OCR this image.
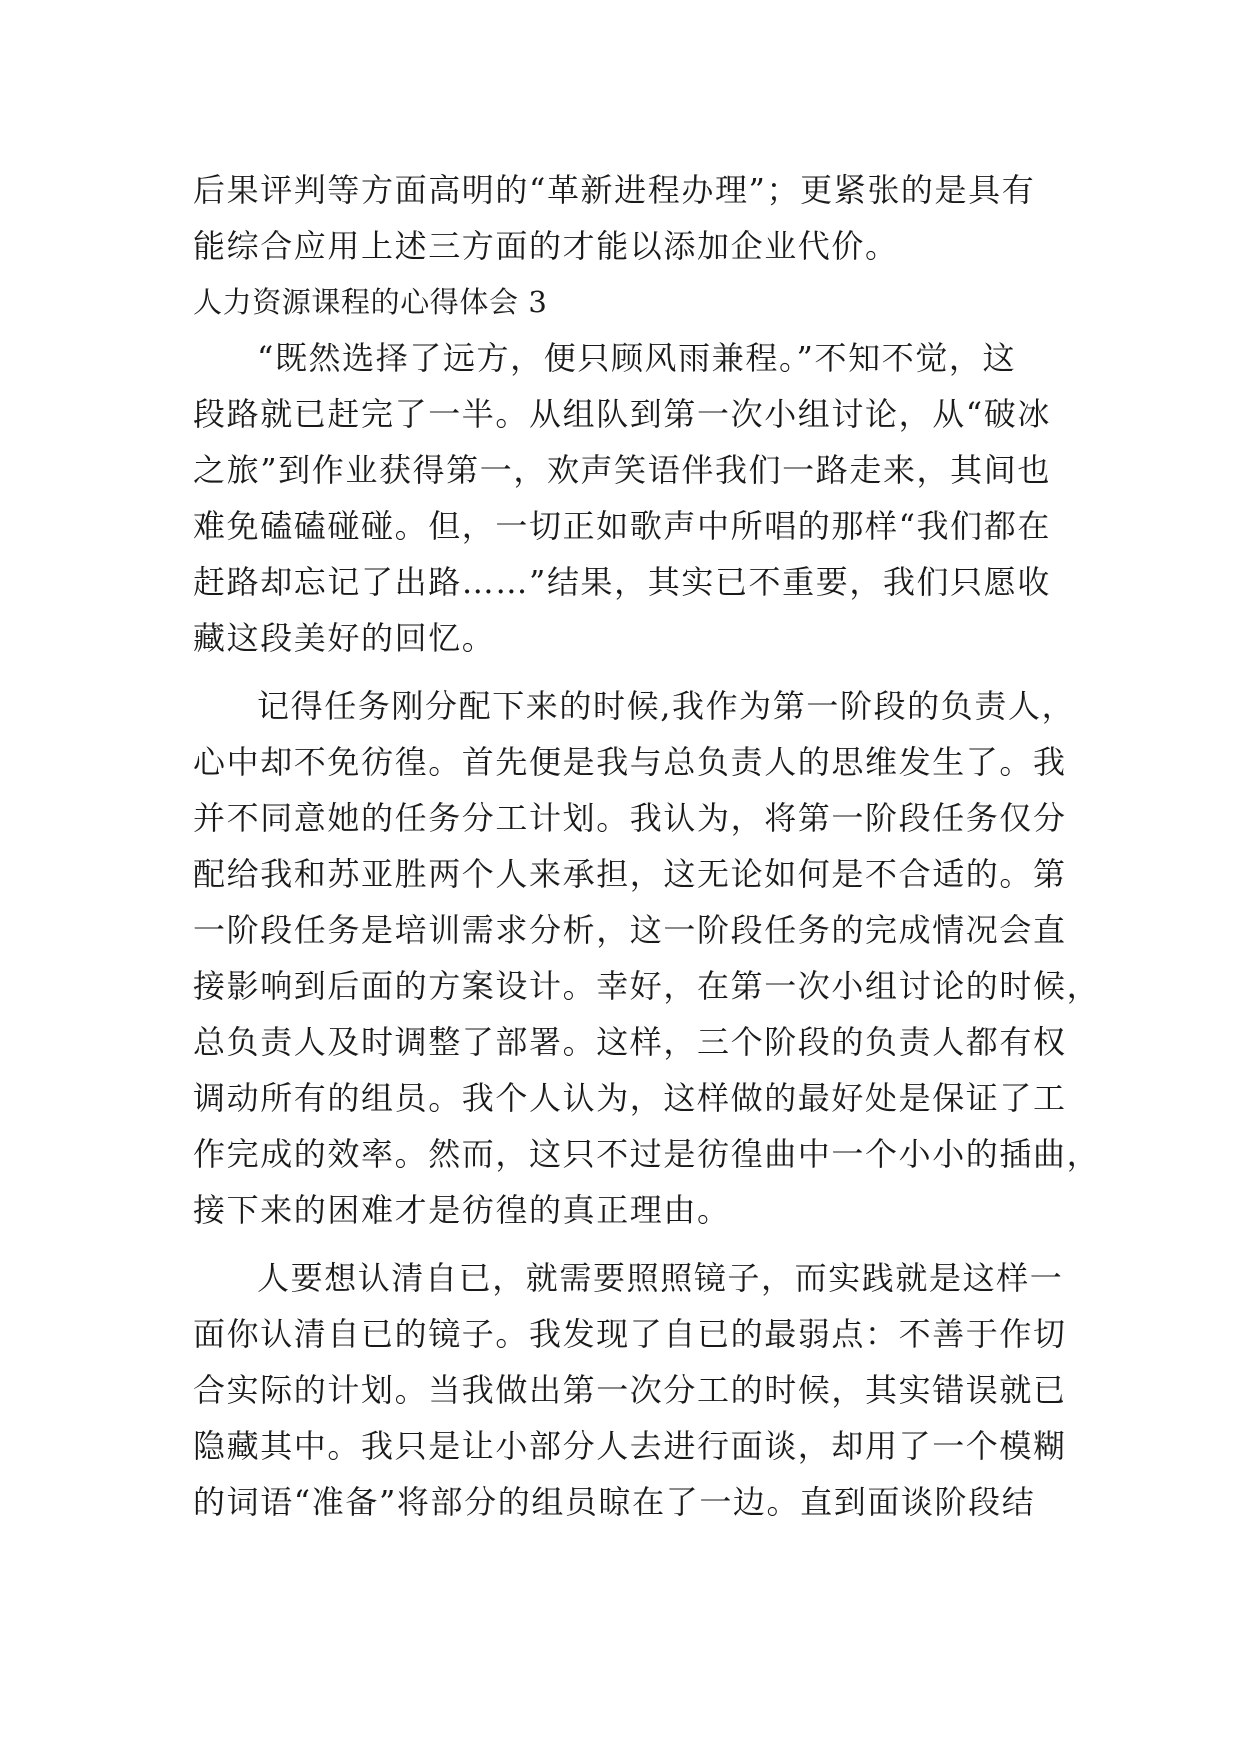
后果评判等方面高明的“革新进程办理”；更紧张的是具有
能综合应用上述三方面的才能以添加企业代价。
人力资源课程的心得体会 3
“既然选择了远方，便只顾风雨兼程。”不知不觉，这
段路就已赶完了一半。从组队到第一次小组讨论，从“破冰
之旅”到作业获得第一，欢声笑语伴我们一路走来，其间也
难免磕磕碰碰。但，一切正如歌声中所唱的那样“我们都在
赶路却忘记了出路……”结果，其实已不重要，我们只愿收
藏这段美好的回忆。
记得任务刚分配下来的时候,我作为第一阶段的负责人，
心中却不免彷徨。首先便是我与总负责人的思维发生了。我
并不同意她的任务分工计划。我认为，将第一阶段任务仅分
配给我和苏亚胜两个人来承担，这无论如何是不合适的。第
一阶段任务是培训需求分析，这一阶段任务的完成情况会直
接影响到后面的方案设计。幸好，在第一次小组讨论的时候，
总负责人及时调整了部署。这样，三个阶段的负责人都有权
调动所有的组员。我个人认为，这样做的最好处是保证了工
作完成的效率。然而，这只不过是彷徨曲中一个小小的插曲，
接下来的困难才是彷徨的真正理由。
人要想认清自已，就需要照照镜子，而实践就是这样一
面你认清自已的镜子。我发现了自已的最弱点：不善于作切
合实际的计划。当我做出第一次分工的时候，其实错误就已
隐藏其中。我只是让小部分人去进行面谈，却用了一个模糊
的词语“准备”将部分的组员晾在了一边。直到面谈阶段结
